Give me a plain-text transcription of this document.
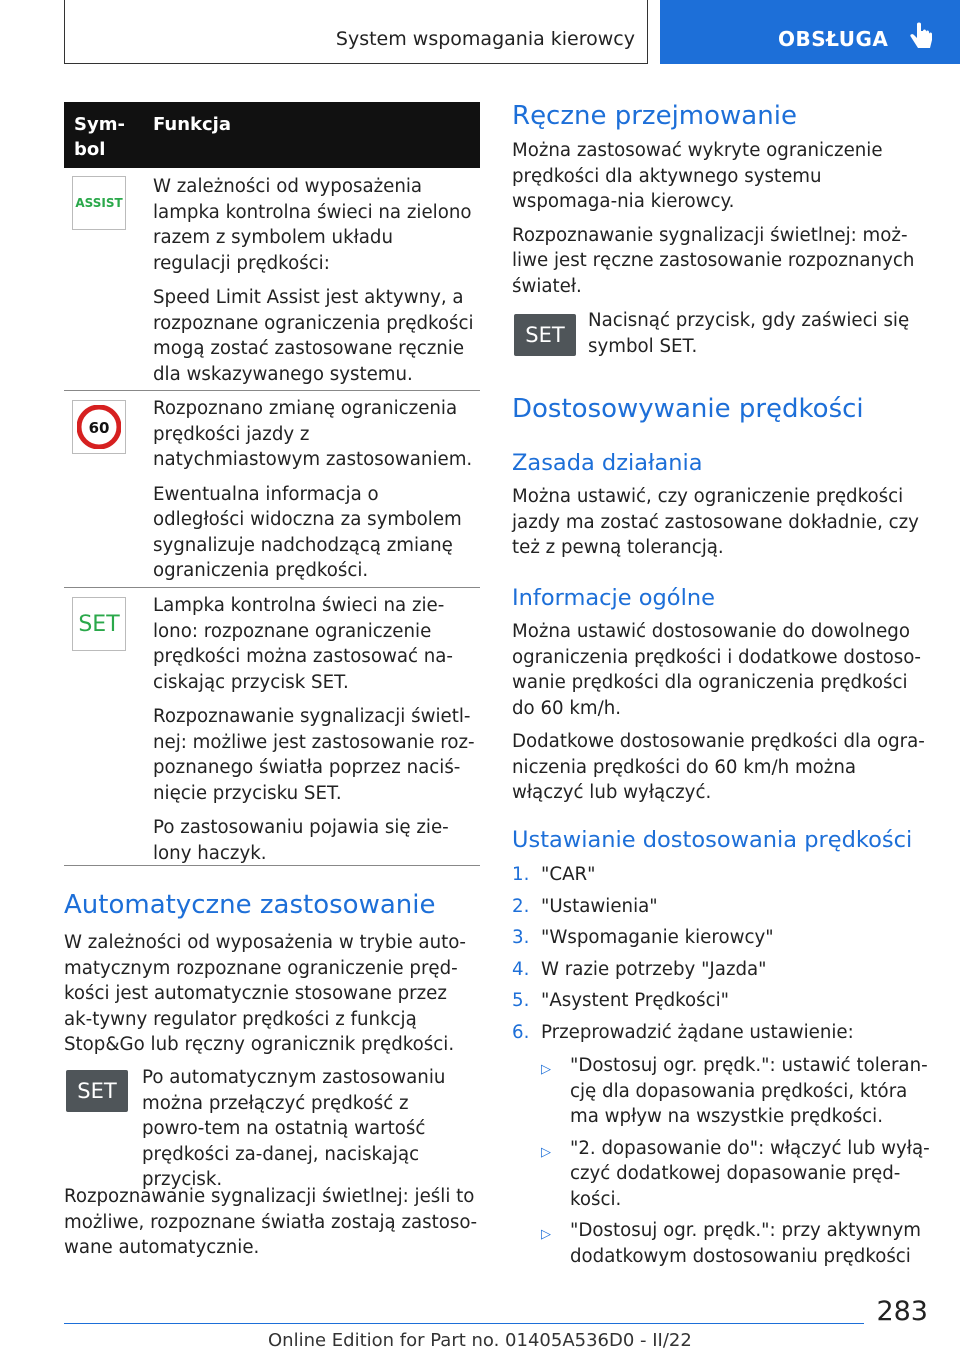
System wspomagania kierowcy	OBSŁUGA
Sym‐
bol
Funkcja
ASSIST

W zależności od wyposażenia lampka kontrolna świeci na zielono razem z symbolem układu regulacji prędkości:

Speed Limit Assist jest aktywny, a rozpoznane ograniczenia prędkości mogą zostać zastosowane ręcznie dla wskazywanego systemu.

60

Rozpoznano zmianę ograniczenia prędkości jazdy z natychmiastowym zastosowaniem.

Ewentualna informacja o odległości widoczna za symbolem sygnalizuje nadchodzącą zmianę ograniczenia prędkości.

SET

Lampka kontrolna świeci na zie‐lono: rozpoznane ograniczenie prędkości można zastosować na‐ciskając przycisk SET.

Rozpoznawanie sygnalizacji świetl‐nej: możliwe jest zastosowanie roz‐poznanego światła poprzez naciś‐nięcie przycisku SET.

Po zastosowaniu pojawia się zie‐lony haczyk.

Automatyczne zastosowanie

W zależności od wyposażenia w trybie auto‐matycznym rozpoznane ograniczenie pręd‐kości jest automatycznie stosowane przez ak‐tywny regulator prędkości z funkcją Stop&Go lub ręczny ogranicznik prędkości.

SET
Po automatycznym zastosowaniu można przełączyć prędkość z powro‐tem na ostatnią wartość prędkości za‐danej, naciskając przycisk.

Rozpoznawanie sygnalizacji świetlnej: jeśli to możliwe, rozpoznane światła zostają zastoso‐wane automatycznie.

Ręczne przejmowanie

Można zastosować wykryte ograniczenie prędkości dla aktywnego systemu wspomaga‐nia kierowcy.

Rozpoznawanie sygnalizacji świetlnej: moż‐liwe jest ręczne zastosowanie rozpoznanych świateł.

SET
Nacisnąć przycisk, gdy zaświeci się symbol SET.
Dostosowywanie prędkości
Zasada działania

Można ustawić, czy ograniczenie prędkości jazdy ma zostać zastosowane dokładnie, czy też z pewną tolerancją.

Informacje ogólne

Można ustawić dostosowanie do dowolnego ograniczenia prędkości i dodatkowe dostoso‐wanie prędkości dla ograniczenia prędkości do 60 km/h.

Dodatkowe dostosowanie prędkości dla ogra‐niczenia prędkości do 60 km/h można włączyć lub wyłączyć.

Ustawianie dostosowania prędkości
1. "CAR"
2. "Ustawienia"
3. "Wspomaganie kierowcy"
4. W razie potrzeby "Jazda"
5. "Asystent Prędkości"
6. Przeprowadzić żądane ustawienie:
▷ "Dostosuj ogr. prędk.": ustawić toleran‐cję dla dopasowania prędkości, która ma wpływ na wszystkie prędkości.
▷ "2. dopasowanie do": włączyć lub wyłą‐czyć dodatkowej dopasowanie pręd‐kości.
▷ "Dostosuj ogr. prędk.": przy aktywnym dodatkowym dostosowaniu prędkości
283
Online Edition for Part no. 01405A536D0 - II/22
